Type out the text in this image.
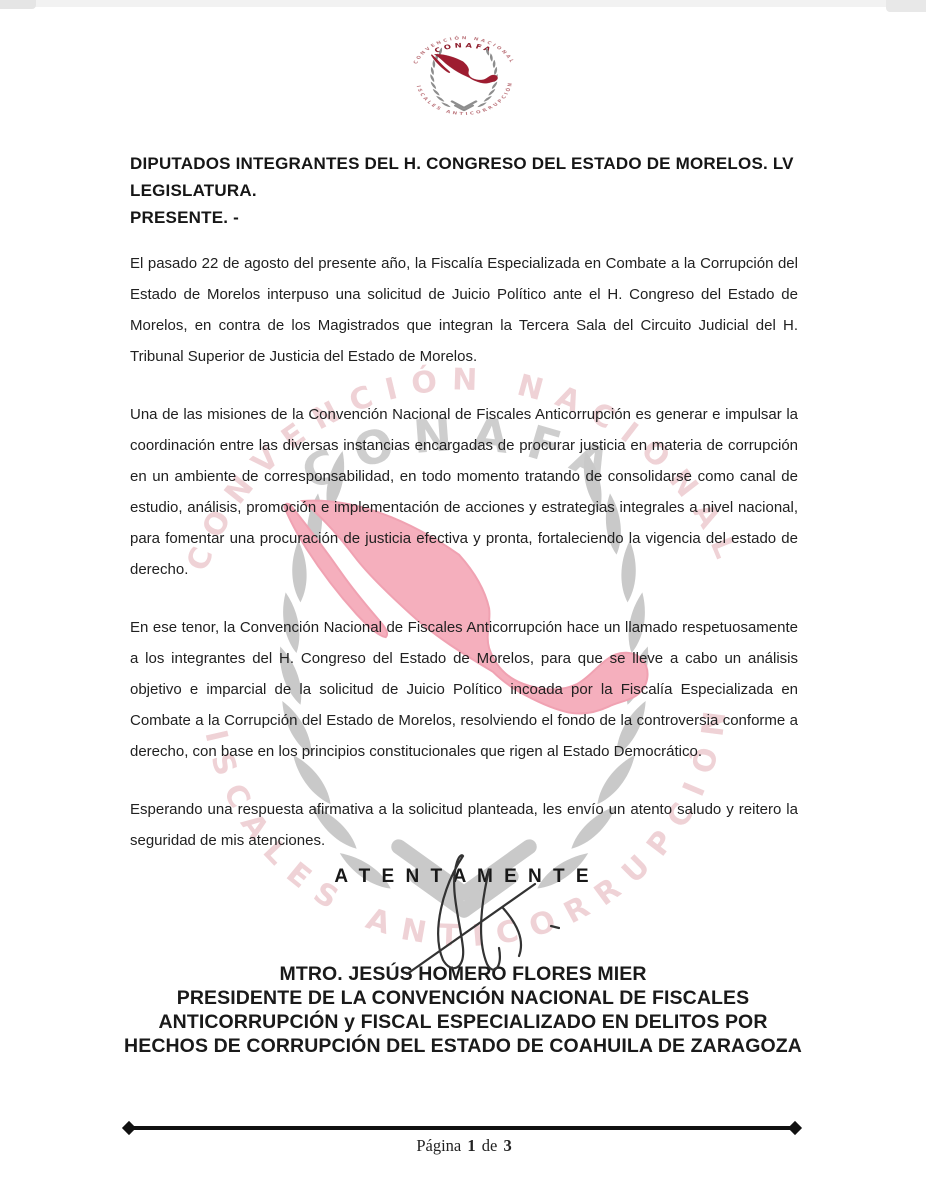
DIPUTADOS INTEGRANTES DEL H. CONGRESO DEL ESTADO DE MORELOS. LV
LEGISLATURA.
PRESENTE. -

El pasado 22 de agosto del presente año, la Fiscalía Especializada en Combate a la Corrupción del Estado de Morelos interpuso una solicitud de Juicio Político ante el H. Congreso del Estado de Morelos, en contra de los Magistrados que integran la Tercera Sala del Circuito Judicial del H. Tribunal Superior de Justicia del Estado de Morelos.

Una de las misiones de la Convención Nacional de Fiscales Anticorrupción es generar e impulsar la coordinación entre las diversas instancias encargadas de procurar justicia en materia de corrupción en un ambiente de corresponsabilidad, en todo momento tratando de consolidarse como canal de estudio, análisis, promoción e implementación de acciones y estrategias integrales a nivel nacional, para fomentar una procuración de justicia efectiva y pronta, fortaleciendo la vigencia del estado de derecho.

En ese tenor, la Convención Nacional de Fiscales Anticorrupción hace un llamado respetuosamente a los integrantes del H. Congreso del Estado de Morelos, para que se lleve a cabo un análisis objetivo e imparcial de la solicitud de Juicio Político incoada por la Fiscalía Especializada en Combate a la Corrupción del Estado de Morelos, resolviendo el fondo de la controversia conforme a derecho, con base en los principios constitucionales que rigen al Estado Democrático.

Esperando una respuesta afirmativa a la solicitud planteada, les envío un atento saludo y reitero la seguridad de mis atenciones.

A T E N T A M E N T E
MTRO. JESÚS HOMERO FLORES MIER
PRESIDENTE DE LA CONVENCIÓN NACIONAL DE FISCALES
ANTICORRUPCIÓN y FISCAL ESPECIALIZADO EN DELITOS POR
HECHOS DE CORRUPCIÓN DEL ESTADO DE COAHUILA DE ZARAGOZA
Página 1 de 3
